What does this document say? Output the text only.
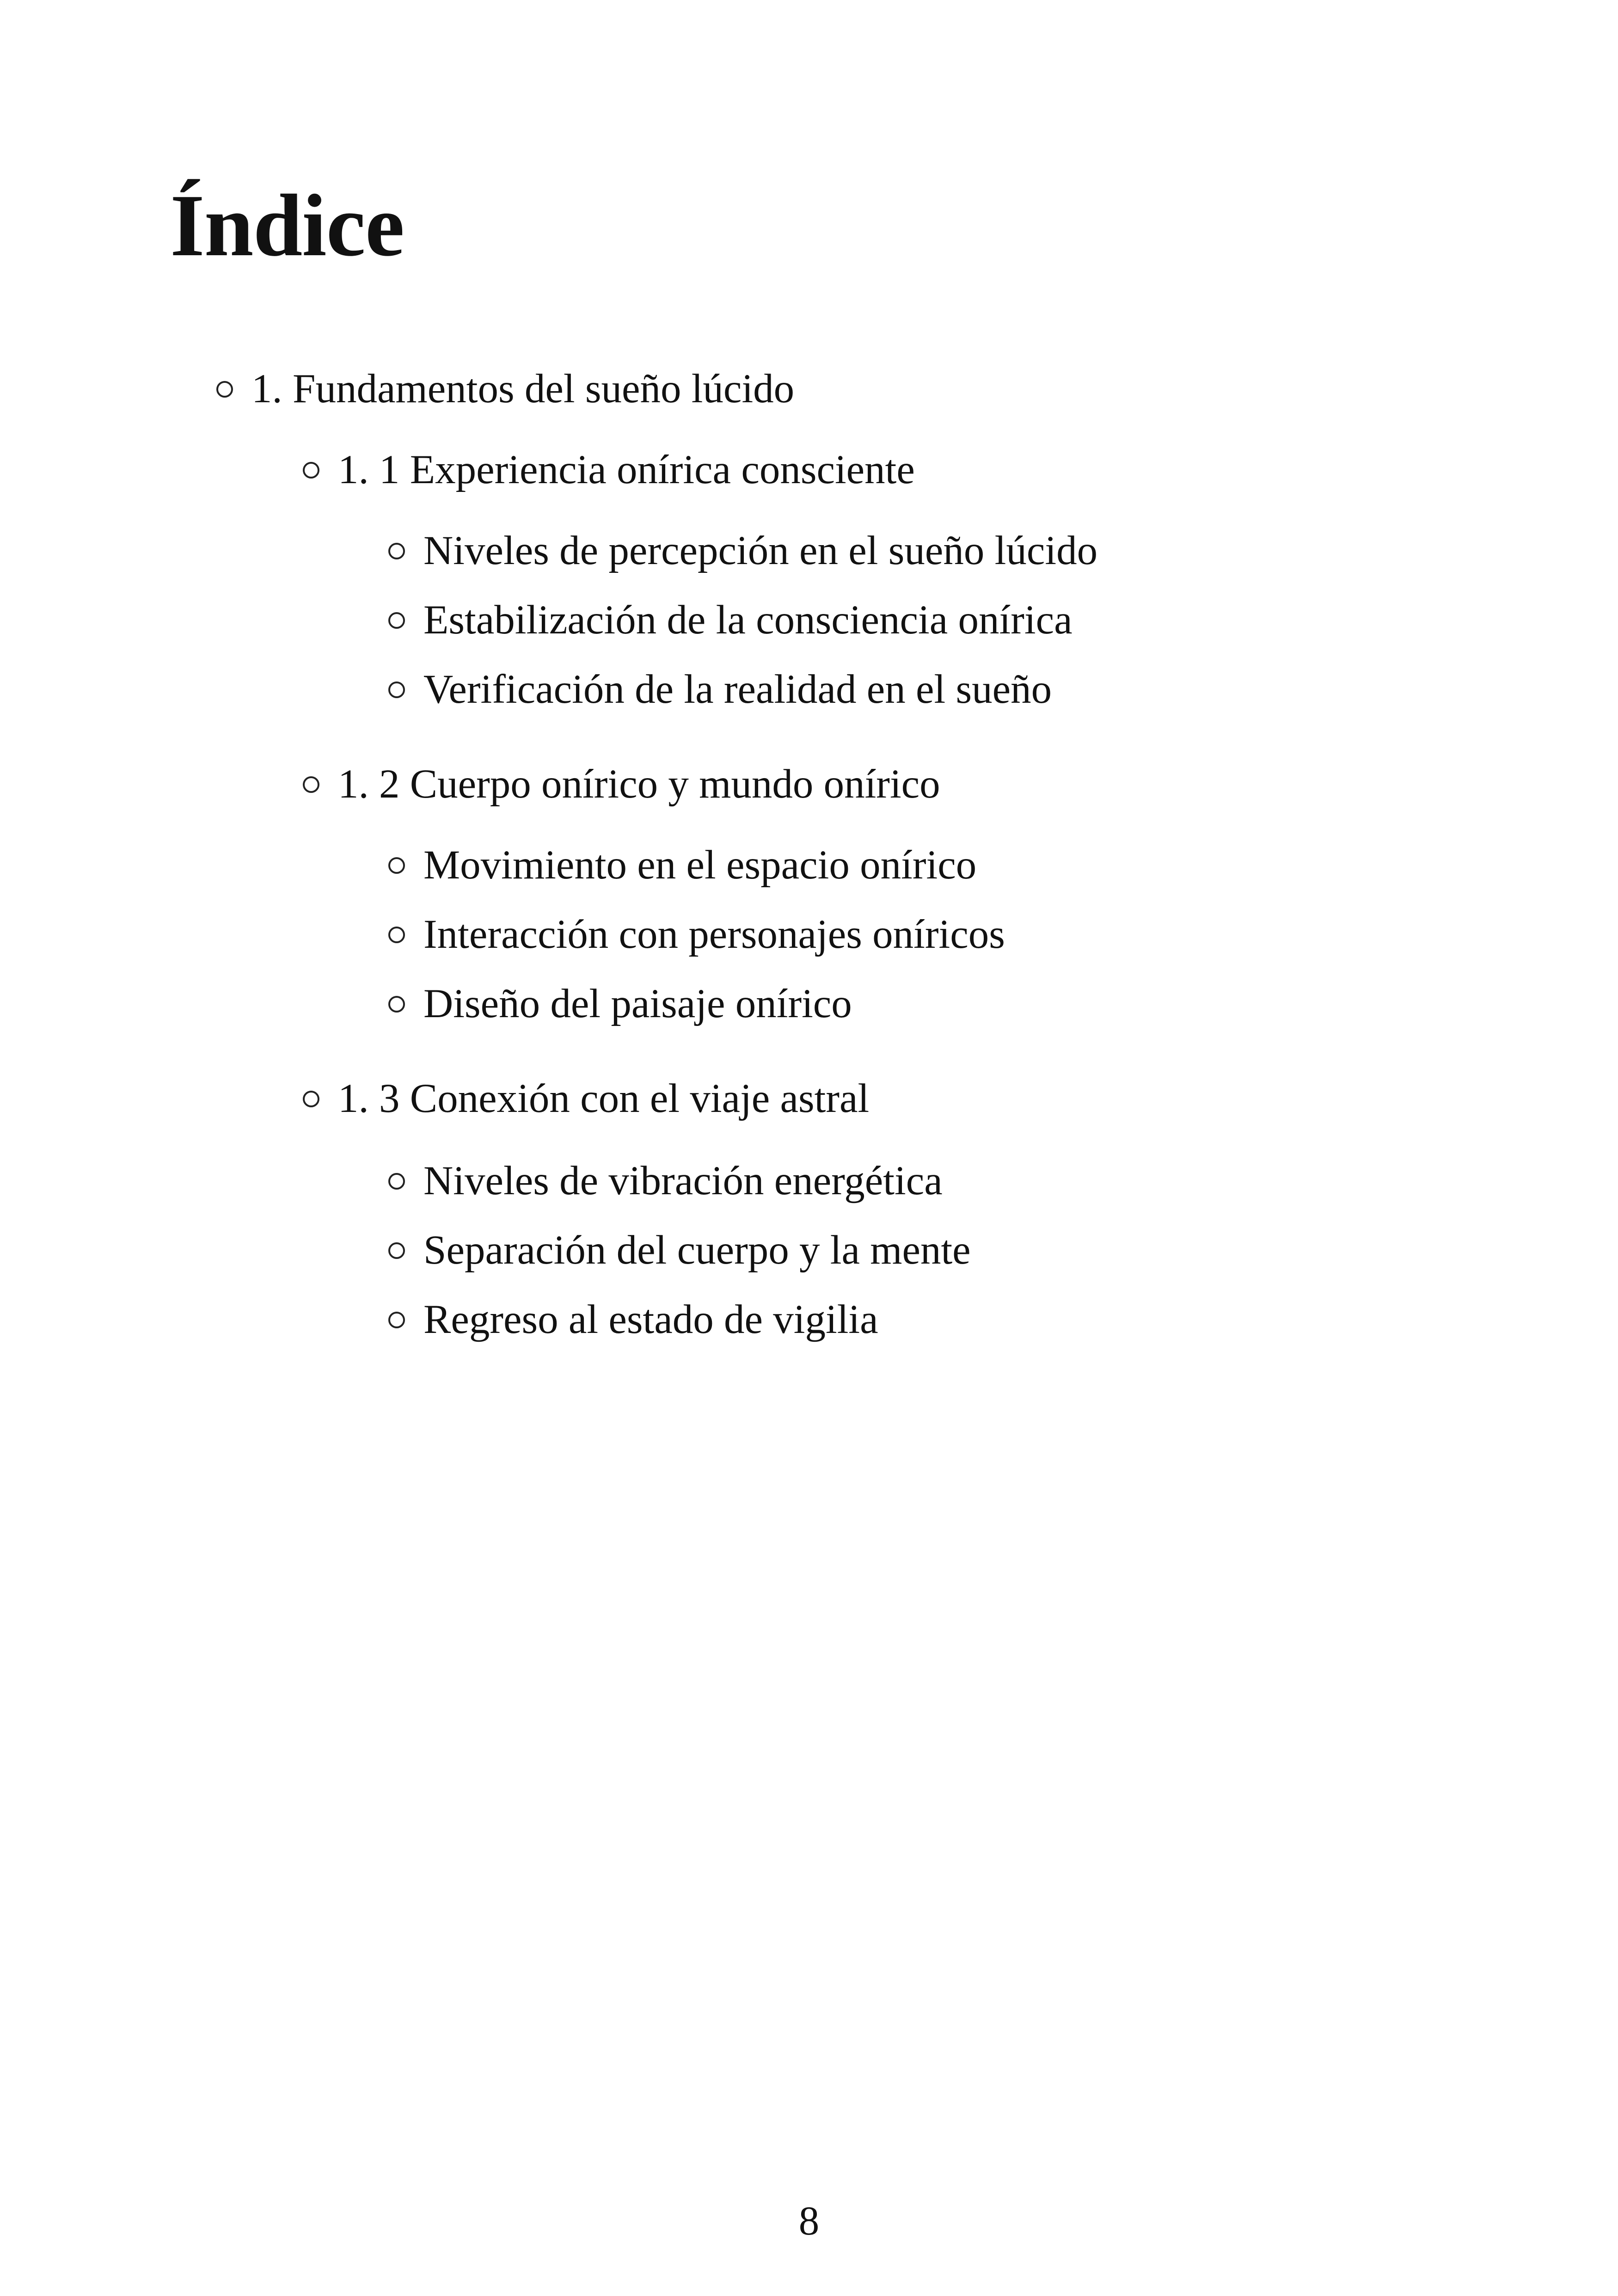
Índice
1. Fundamentos del sueño lúcido
1. 1 Experiencia onírica consciente
Niveles de percepción en el sueño lúcido
Estabilización de la consciencia onírica
Verificación de la realidad en el sueño
1. 2 Cuerpo onírico y mundo onírico
Movimiento en el espacio onírico
Interacción con personajes oníricos
Diseño del paisaje onírico
1. 3 Conexión con el viaje astral
Niveles de vibración energética
Separación del cuerpo y la mente
Regreso al estado de vigilia
8
